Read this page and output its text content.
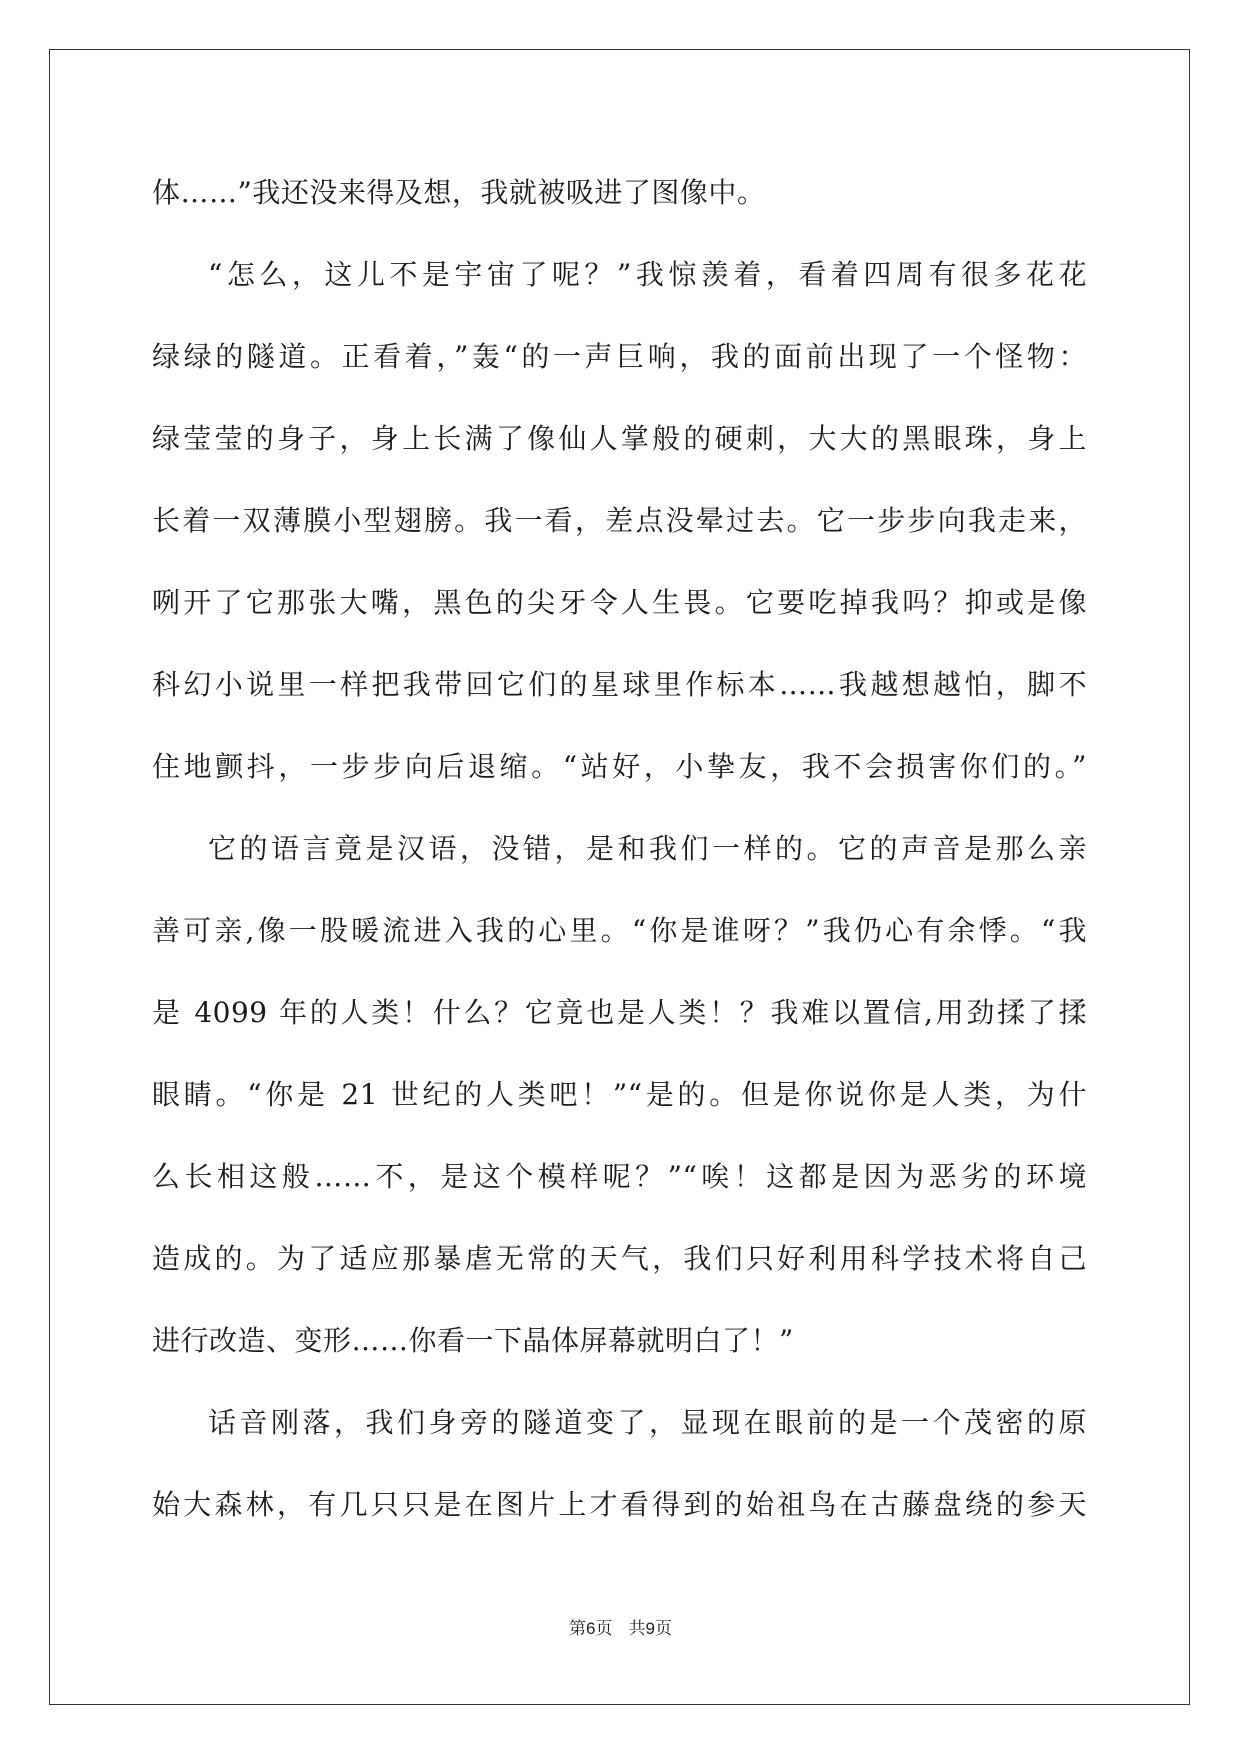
体……”我还没来得及想，我就被吸进了图像中。
“怎么，这儿不是宇宙了呢？”我惊羡着，看着四周有很多花花
绿绿的隧道。正看着，”轰“的一声巨响，我的面前出现了一个怪物：
绿莹莹的身子，身上长满了像仙人掌般的硬刺，大大的黑眼珠，身上
长着一双薄膜小型翅膀。我一看，差点没晕过去。它一步步向我走来，
咧开了它那张大嘴，黑色的尖牙令人生畏。它要吃掉我吗？抑或是像
科幻小说里一样把我带回它们的星球里作标本……我越想越怕，脚不
住地颤抖，一步步向后退缩。“站好，小挚友，我不会损害你们的。”
它的语言竟是汉语，没错，是和我们一样的。它的声音是那么亲
善可亲,像一股暖流进入我的心里。“你是谁呀？”我仍心有余悸。“我
是 4099 年的人类！什么？它竟也是人类！？我难以置信,用劲揉了揉
眼睛。“你是 21 世纪的人类吧！”“是的。但是你说你是人类，为什
么长相这般……不，是这个模样呢？”“唉！这都是因为恶劣的环境
造成的。为了适应那暴虐无常的天气，我们只好利用科学技术将自己
进行改造、变形……你看一下晶体屏幕就明白了！”
话音刚落，我们身旁的隧道变了，显现在眼前的是一个茂密的原
始大森林，有几只只是在图片上才看得到的始祖鸟在古藤盘绕的参天
第6页 共9页
